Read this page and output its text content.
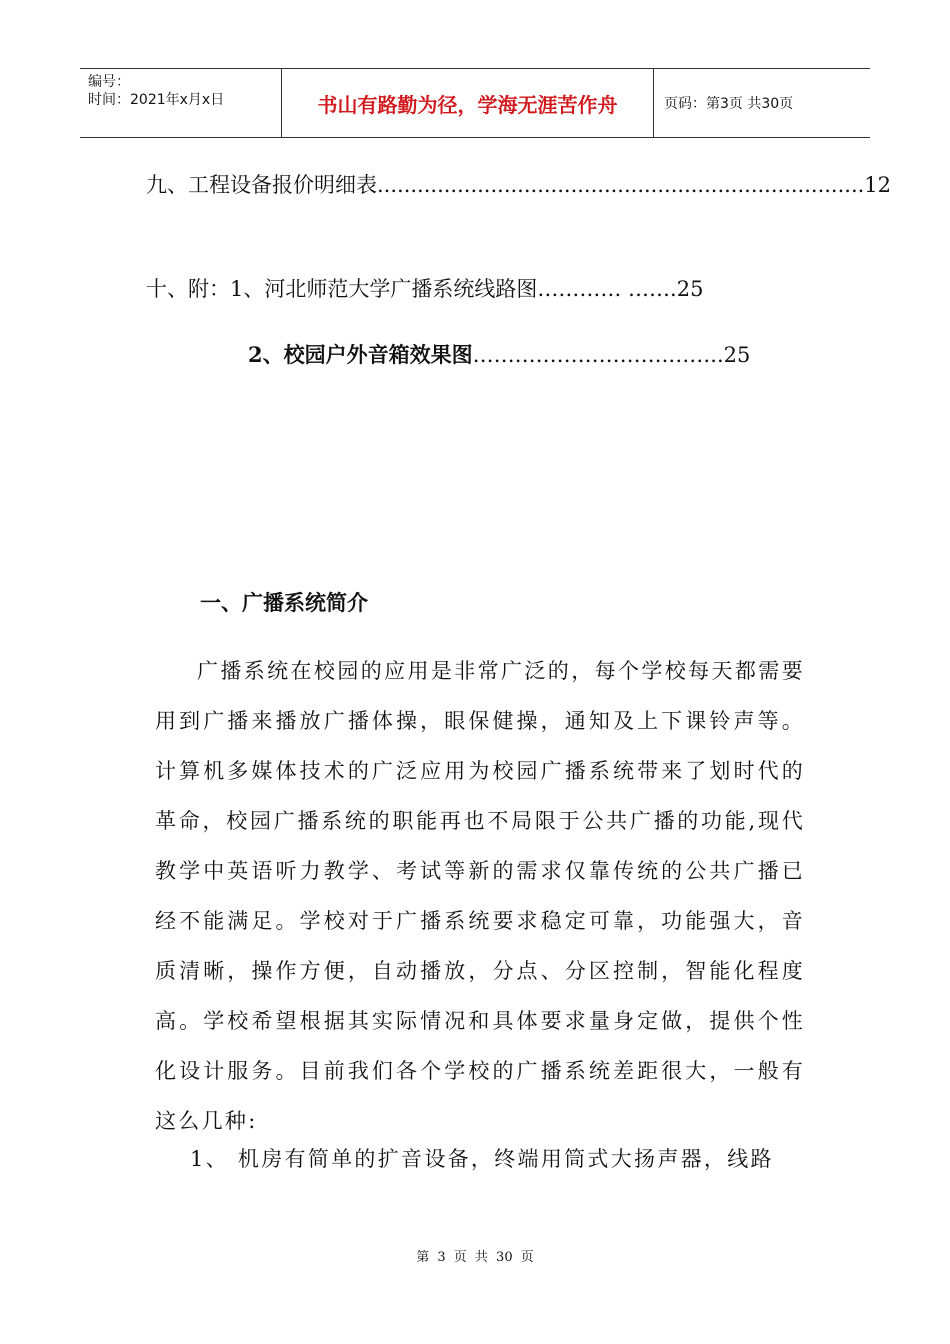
编号：
时间：2021年x月x日	书山有路勤为径，学海无涯苦作舟	页码：第3页 共30页
九、工程设备报价明细表.........................................................................12
十、附：1、河北师范大学广播系统线路图………… …….25
2、校园户外音箱效果图……………………….……..25
一、广播系统简介

广播系统在校园的应用是非常广泛的，每个学校每天都需要用到广播来播放广播体操，眼保健操，通知及上下课铃声等。计算机多媒体技术的广泛应用为校园广播系统带来了划时代的革命，校园广播系统的职能再也不局限于公共广播的功能,现代教学中英语听力教学、考试等新的需求仅靠传统的公共广播已经不能满足。学校对于广播系统要求稳定可靠，功能强大，音质清晰，操作方便，自动播放，分点、分区控制，智能化程度高。学校希望根据其实际情况和具体要求量身定做，提供个性化设计服务。目前我们各个学校的广播系统差距很大，一般有这么几种:

1、 机房有简单的扩音设备，终端用筒式大扬声器，线路
第 3 页 共 30 页
